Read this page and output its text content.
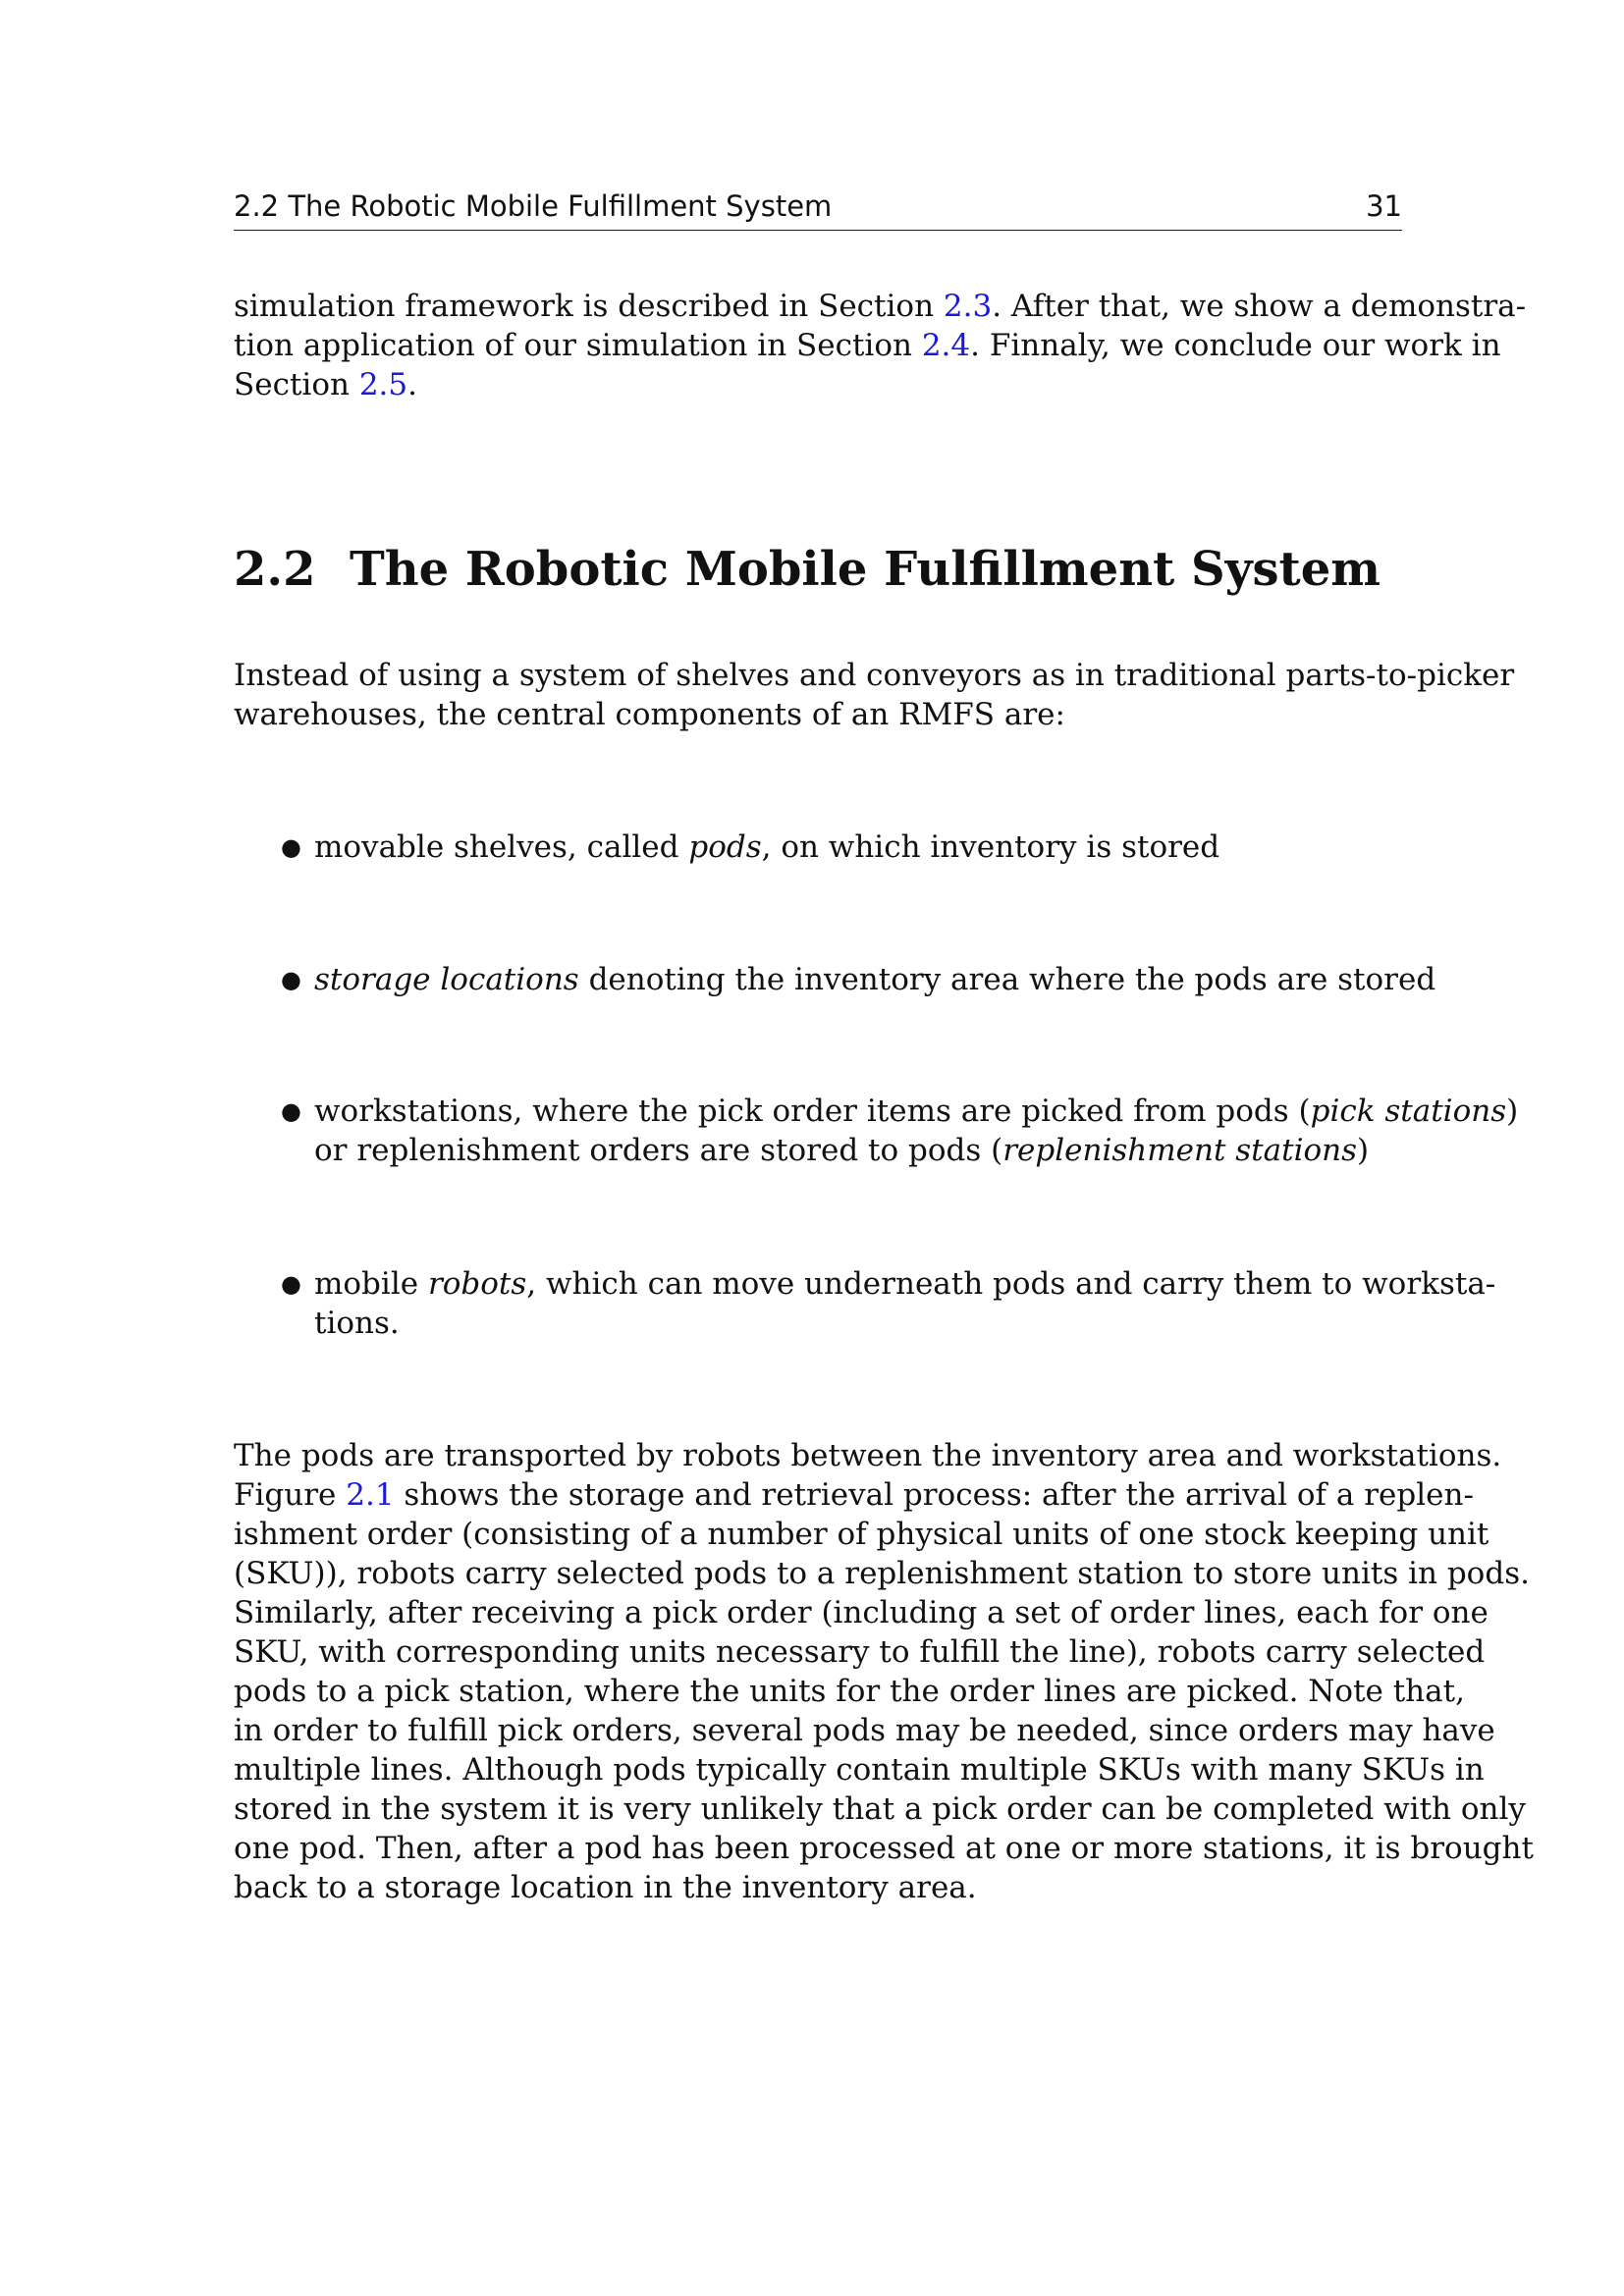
2.2 The Robotic Mobile Fulfillment System	31
simulation framework is described in Section 2.3. After that, we show a demonstra-
tion application of our simulation in Section 2.4. Finnaly, we conclude our work in
Section 2.5.
2.2 The Robotic Mobile Fulfillment System
Instead of using a system of shelves and conveyors as in traditional parts-to-picker
warehouses, the central components of an RMFS are:
● movable shelves, called pods, on which inventory is stored
● storage locations denoting the inventory area where the pods are stored
● workstations, where the pick order items are picked from pods (pick stations)
or replenishment orders are stored to pods (replenishment stations)
● mobile robots, which can move underneath pods and carry them to worksta-
tions.
The pods are transported by robots between the inventory area and workstations.
Figure 2.1 shows the storage and retrieval process: after the arrival of a replen-
ishment order (consisting of a number of physical units of one stock keeping unit
(SKU)), robots carry selected pods to a replenishment station to store units in pods.
Similarly, after receiving a pick order (including a set of order lines, each for one
SKU, with corresponding units necessary to fulfill the line), robots carry selected
pods to a pick station, where the units for the order lines are picked. Note that,
in order to fulfill pick orders, several pods may be needed, since orders may have
multiple lines. Although pods typically contain multiple SKUs with many SKUs in
stored in the system it is very unlikely that a pick order can be completed with only
one pod. Then, after a pod has been processed at one or more stations, it is brought
back to a storage location in the inventory area.
